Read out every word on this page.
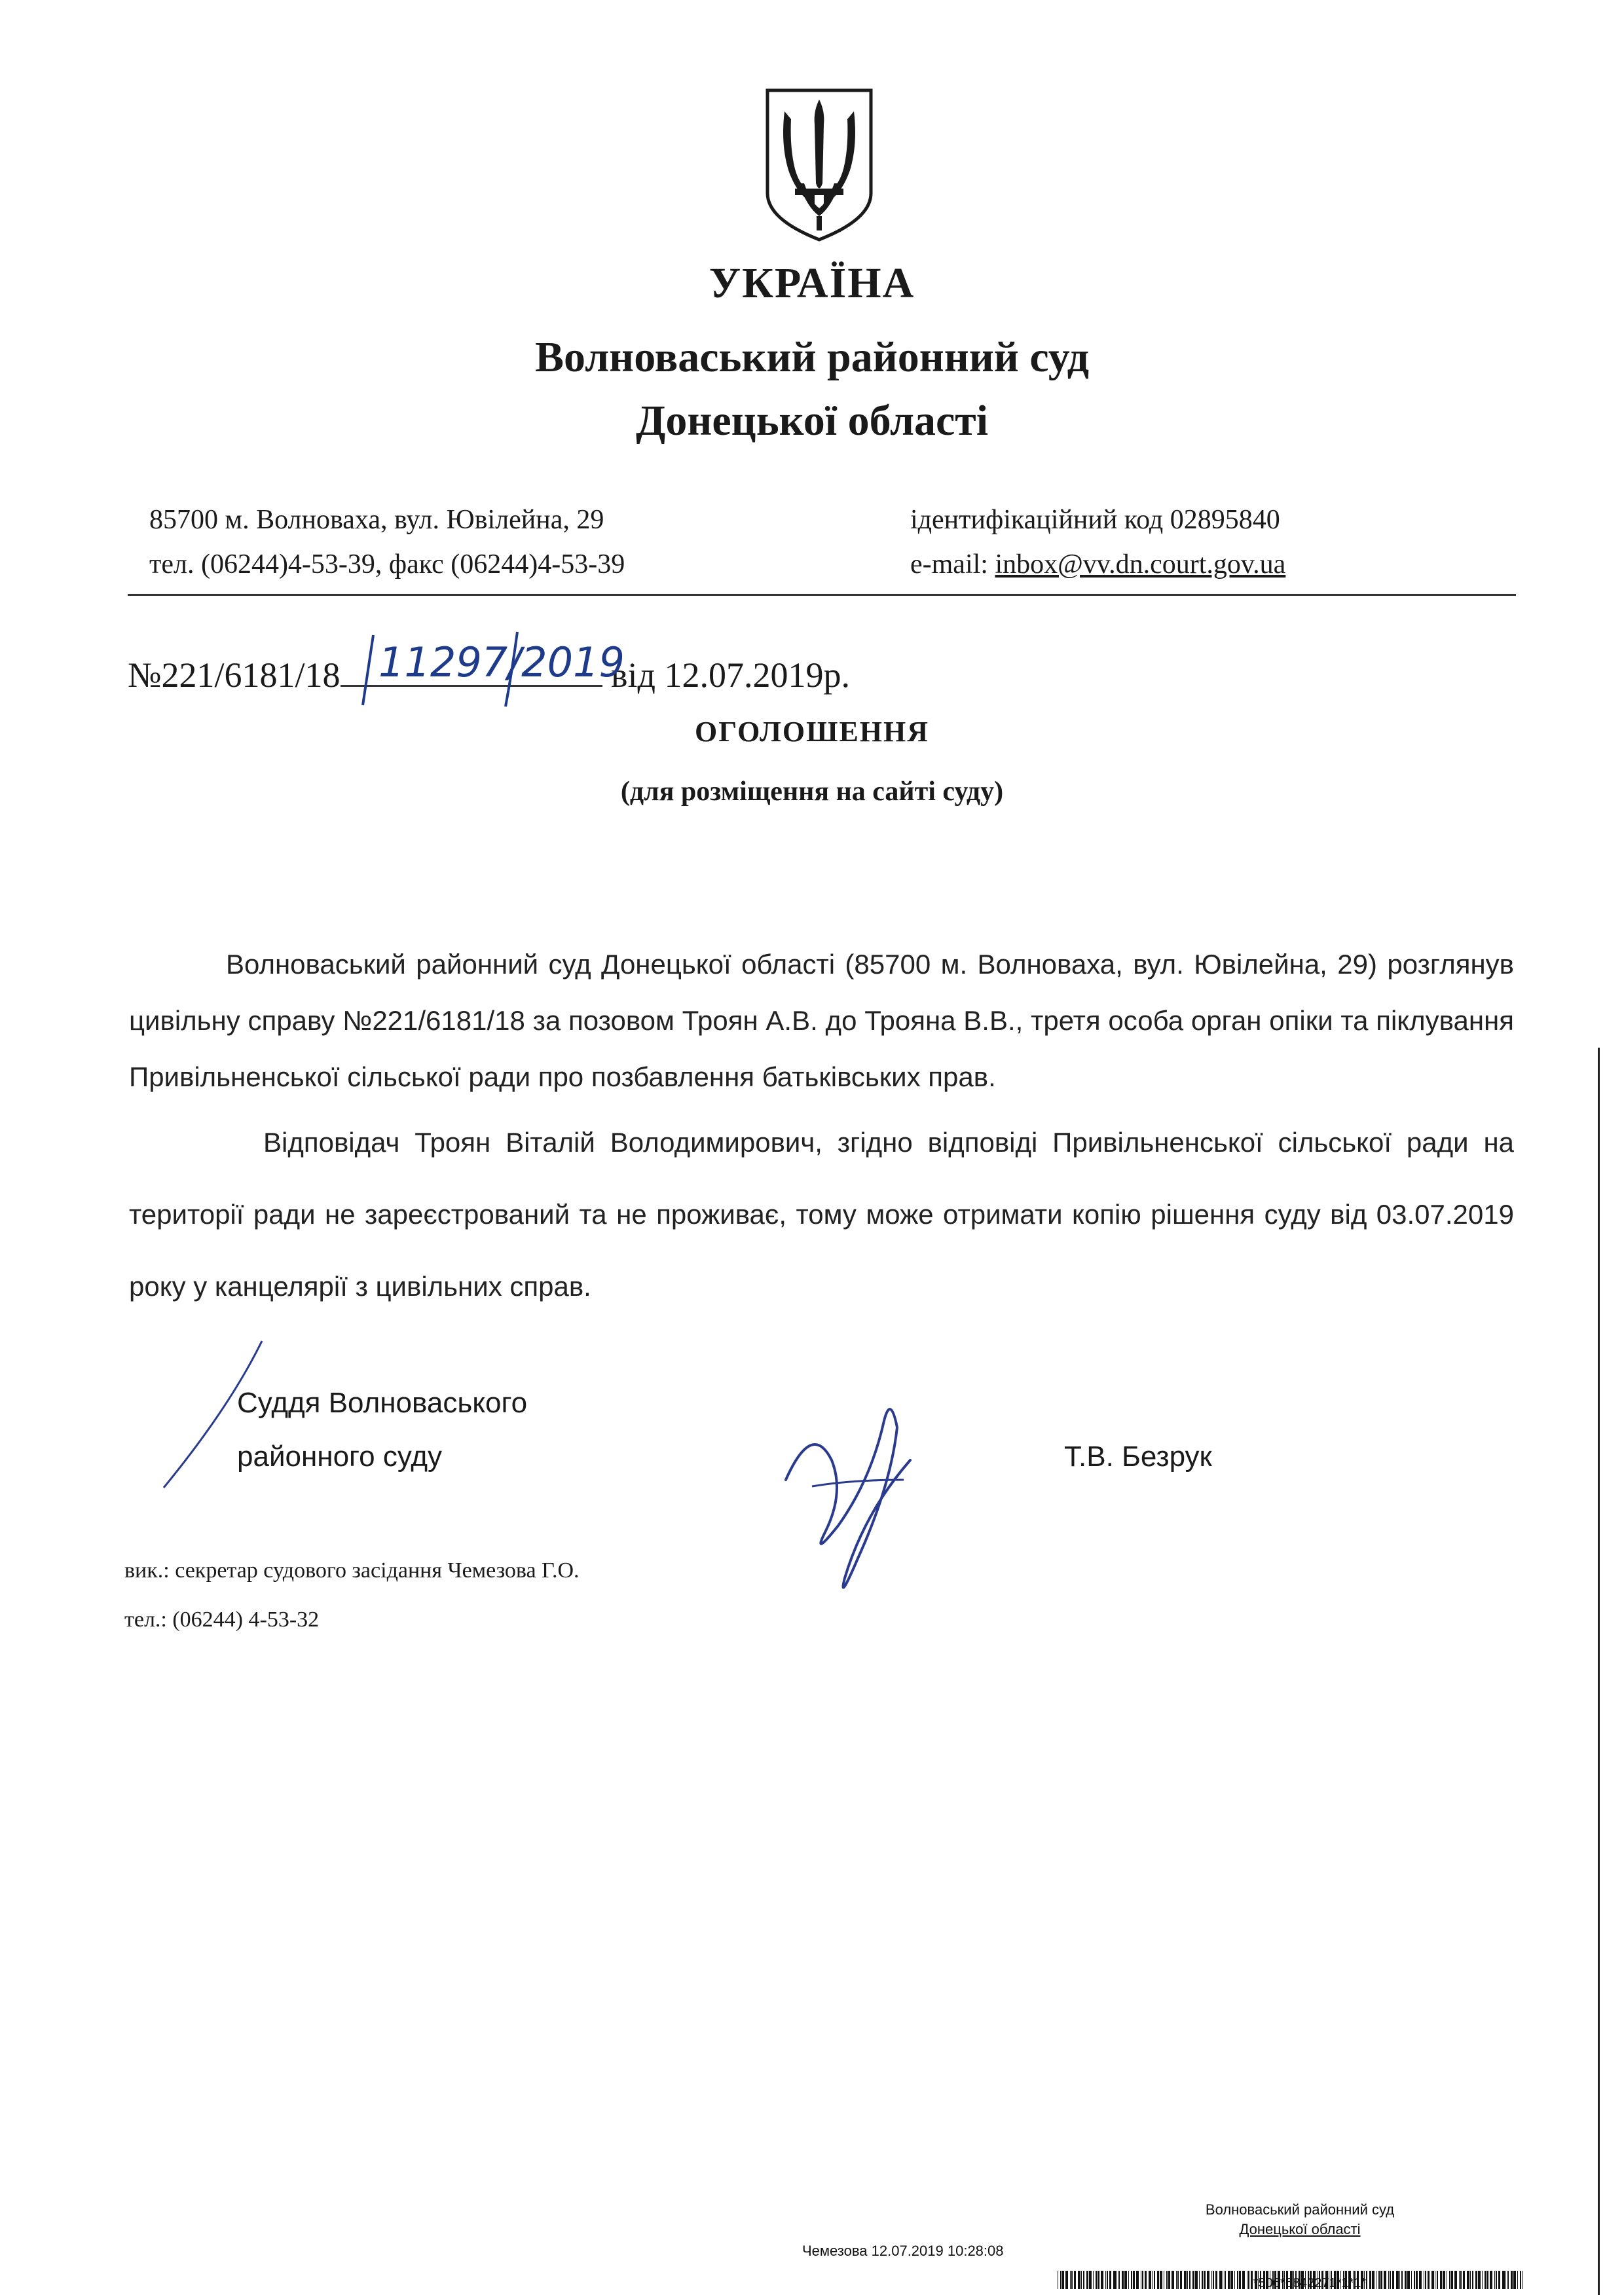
УКРАЇНА
Волноваський районний суд
Донецької області
85700 м. Волноваха, вул. Ювілейна, 29
тел. (06244)4-53-39, факс (06244)4-53-39
ідентифікаційний код 02895840
e-mail: inbox@vv.dn.court.gov.ua
№221/6181/18	від 12.07.2019р.
11297/2019
ОГОЛОШЕННЯ
(для розміщення на сайті суду)
Волноваський районний суд Донецької області (85700 м. Волноваха, вул. Ювілейна, 29) розглянув цивільну справу №221/6181/18 за позовом Троян А.В. до Трояна В.В., третя особа орган опіки та піклування Привільненської сільської ради про позбавлення батьківських прав.
Відповідач Троян Віталій Володимирович, згідно відповіді Привільненської сільської ради на території ради не зареєстрований та не проживає, тому може отримати копію рішення суду від 03.07.2019 року у канцелярії з цивільних справ.
Суддя Волноваського
районного суду	Т.В. Безрук
вик.: секретар судового засідання Чемезова Г.О.
тел.: (06244) 4-53-32
Волноваський районний суд
Донецької області
Чемезова 12.07.2019 10:28:08
*506*6842271*1*1*
